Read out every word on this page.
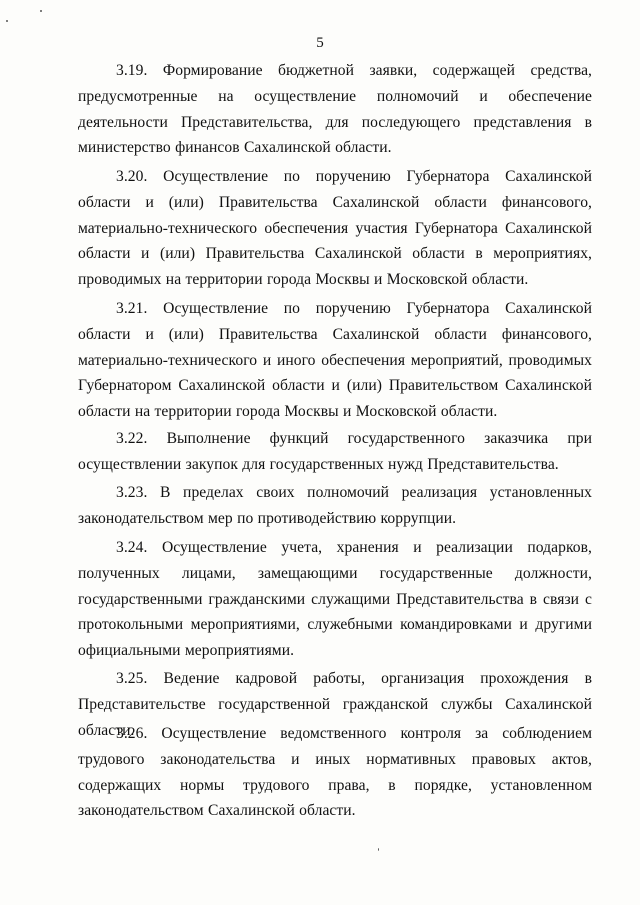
5

3.19. Формирование бюджетной заявки, содержащей средства, предусмотренные на осуществление полномочий и обеспечение деятельности Представительства, для последующего представления в министерство финансов Сахалинской области.

3.20. Осуществление по поручению Губернатора Сахалинской области и (или) Правительства Сахалинской области финансового, материально-технического обеспечения участия Губернатора Сахалинской области и (или) Правительства Сахалинской области в мероприятиях, проводимых на территории города Москвы и Московской области.

3.21. Осуществление по поручению Губернатора Сахалинской области и (или) Правительства Сахалинской области финансового, материально-технического и иного обеспечения мероприятий, проводимых Губернатором Сахалинской области и (или) Правительством Сахалинской области на территории города Москвы и Московской области.

3.22. Выполнение функций государственного заказчика при осуществлении закупок для государственных нужд Представительства.

3.23. В пределах своих полномочий реализация установленных законодательством мер по противодействию коррупции.

3.24. Осуществление учета, хранения и реализации подарков, полученных лицами, замещающими государственные должности, государственными гражданскими служащими Представительства в связи с протокольными мероприятиями, служебными командировками и другими официальными мероприятиями.

3.25. Ведение кадровой работы, организация прохождения в Представительстве государственной гражданской службы Сахалинской области.

3.26. Осуществление ведомственного контроля за соблюдением трудового законодательства и иных нормативных правовых актов, содержащих нормы трудового права, в порядке, установленном законодательством Сахалинской области.
